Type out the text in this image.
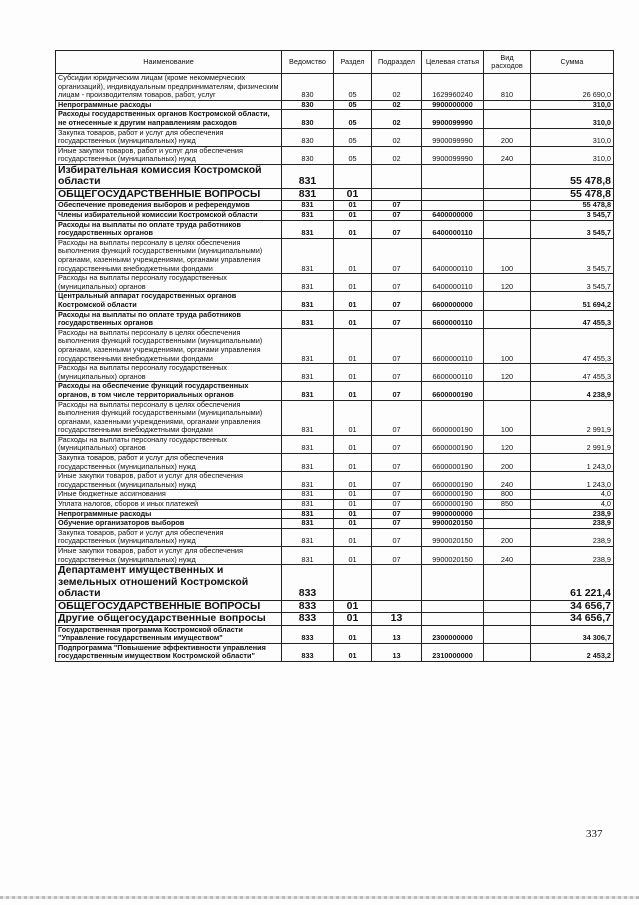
Наименование	Ведомство	Раздел	Подраздел	Целевая статья	Вид расходов	Сумма
Субсидии юридическим лицам (кроме некоммерческих организаций), индивидуальным предпринимателям, физическим лицам - производителям товаров, работ, услуг	830	05	02	1629960240	810	26 690,0
Непрограммные расходы	830	05	02	9900000000		310,0
Расходы государственных органов Костромской области, не отнесенные к другим направлениям расходов	830	05	02	9900099990		310,0
Закупка товаров, работ и услуг для обеспечения государственных (муниципальных) нужд	830	05	02	9900099990	200	310,0
Иные закупки товаров, работ и услуг для обеспечения государственных (муниципальных) нужд	830	05	02	9900099990	240	310,0
Избирательная комиссия Костромской области	831					55 478,8
ОБЩЕГОСУДАРСТВЕННЫЕ ВОПРОСЫ	831	01				55 478,8
Обеспечение проведения выборов и референдумов	831	01	07			55 478,8
Члены избирательной комиссии Костромской области	831	01	07	6400000000		3 545,7
Расходы на выплаты по оплате труда работников государственных органов	831	01	07	6400000110		3 545,7
Расходы на выплаты персоналу в целях обеспечения выполнения функций государственными (муниципальными) органами, казенными учреждениями, органами управления государственными внебюджетными фондами	831	01	07	6400000110	100	3 545,7
Расходы на выплаты персоналу государственных (муниципальных) органов	831	01	07	6400000110	120	3 545,7
Центральный аппарат государственных органов Костромской области	831	01	07	6600000000		51 694,2
Расходы на выплаты по оплате труда работников государственных органов	831	01	07	6600000110		47 455,3
Расходы на выплаты персоналу в целях обеспечения выполнения функций государственными (муниципальными) органами, казенными учреждениями, органами управления государственными внебюджетными фондами	831	01	07	6600000110	100	47 455,3
Расходы на выплаты персоналу государственных (муниципальных) органов	831	01	07	6600000110	120	47 455,3
Расходы на обеспечение функций государственных органов, в том числе территориальных органов	831	01	07	6600000190		4 238,9
Расходы на выплаты персоналу в целях обеспечения выполнения функций государственными (муниципальными) органами, казенными учреждениями, органами управления государственными внебюджетными фондами	831	01	07	6600000190	100	2 991,9
Расходы на выплаты персоналу государственных (муниципальных) органов	831	01	07	6600000190	120	2 991,9
Закупка товаров, работ и услуг для обеспечения государственных (муниципальных) нужд	831	01	07	6600000190	200	1 243,0
Иные закупки товаров, работ и услуг для обеспечения государственных (муниципальных) нужд	831	01	07	6600000190	240	1 243,0
Иные бюджетные ассигнования	831	01	07	6600000190	800	4,0
Уплата налогов, сборов и иных платежей	831	01	07	6600000190	850	4,0
Непрограммные расходы	831	01	07	9900000000		238,9
Обучение организаторов выборов	831	01	07	9900020150		238,9
Закупка товаров, работ и услуг для обеспечения государственных (муниципальных) нужд	831	01	07	9900020150	200	238,9
Иные закупки товаров, работ и услуг для обеспечения государственных (муниципальных) нужд	831	01	07	9900020150	240	238,9
Департамент имущественных и земельных отношений Костромской области	833					61 221,4
ОБЩЕГОСУДАРСТВЕННЫЕ ВОПРОСЫ	833	01				34 656,7
Другие общегосударственные вопросы	833	01	13			34 656,7
Государственная программа Костромской области "Управление государственным имуществом"	833	01	13	2300000000		34 306,7
Подпрограмма "Повышение эффективности управления государственным имуществом Костромской области"	833	01	13	2310000000		2 453,2
337
